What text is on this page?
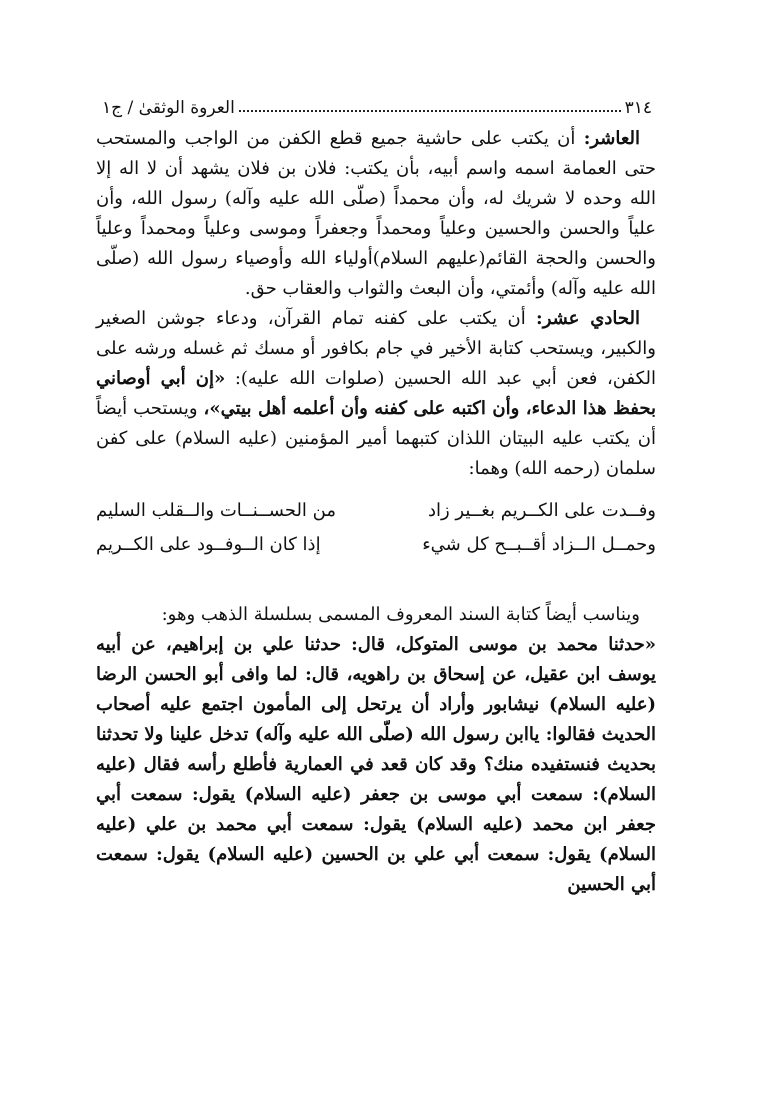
٣١٤
العروة الوثقىٰ / ج١

العاشر: أن يكتب على حاشية جميع قطع الكفن من الواجب والمستحب حتى العمامة اسمه واسم أبيه، بأن يكتب: فلان بن فلان يشهد أن لا اله إلا الله وحده لا شريك له، وأن محمداً (صلّى الله عليه وآله) رسول الله، وأن علياً والحسن والحسين وعلياً ومحمداً وجعفراً وموسى وعلياً ومحمداً وعلياً والحسن والحجة القائم(عليهم السلام)أولياء الله وأوصياء رسول الله (صلّى الله عليه وآله) وأئمتي، وأن البعث والثواب والعقاب حق.

الحادي عشر: أن يكتب على كفنه تمام القرآن، ودعاء جوشن الصغير والكبير، ويستحب كتابة الأخير في جام بكافور أو مسك ثم غسله ورشه على الكفن، فعن أبي عبد الله الحسين (صلوات الله عليه): «إن أبي أوصاني بحفظ هذا الدعاء، وأن اكتبه على كفنه وأن أعلمه أهل بيتي»، ويستحب أيضاً أن يكتب عليه البيتان اللذان كتبهما أمير المؤمنين (عليه السلام) على كفن سلمان (رحمه الله) وهما:

وفــدت على الكــريم بغــير زاد
من الحســنــات والــقلب السليم
وحمــل الــزاد أقــبــح كل شيء
إذا كان الــوفــود على الكــريم

ويناسب أيضاً كتابة السند المعروف المسمى بسلسلة الذهب وهو:

«حدثنا محمد بن موسى المتوكل، قال: حدثنا علي بن إبراهيم، عن أبيه يوسف ابن عقيل، عن إسحاق بن راهويه، قال: لما وافى أبو الحسن الرضا (عليه السلام) نيشابور وأراد أن يرتحل إلى المأمون اجتمع عليه أصحاب الحديث فقالوا: ياابن رسول الله (صلّى الله عليه وآله) تدخل علينا ولا تحدثنا بحديث فنستفيده منك؟ وقد كان قعد في العمارية فأطلع رأسه فقال (عليه السلام): سمعت أبي موسى بن جعفر (عليه السلام) يقول: سمعت أبي جعفر ابن محمد (عليه السلام) يقول: سمعت أبي محمد بن علي (عليه السلام) يقول: سمعت أبي علي بن الحسين (عليه السلام) يقول: سمعت أبي الحسين
